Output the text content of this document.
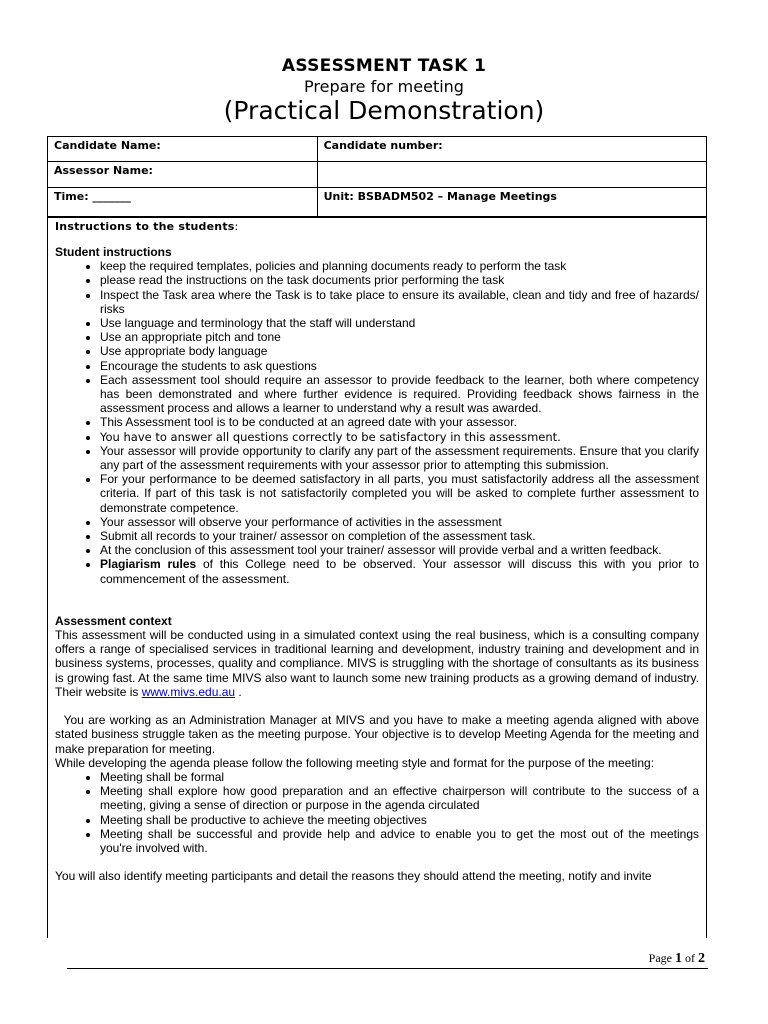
ASSESSMENT TASK 1
Prepare for meeting
(Practical Demonstration)
Candidate Name:	Candidate number:
Assessor Name:	
Time: _______	Unit: BSBADM502 – Manage Meetings
Instructions to the students:
Student instructions
• keep the required templates, policies and planning documents ready to perform the task
• please read the instructions on the task documents prior performing the task
• Inspect the Task area where the Task is to take place to ensure its available, clean and tidy and free of hazards/ risks
• Use language and terminology that the staff will understand
• Use an appropriate pitch and tone
• Use appropriate body language
• Encourage the students to ask questions
• Each assessment tool should require an assessor to provide feedback to the learner, both where competency has been demonstrated and where further evidence is required. Providing feedback shows fairness in the assessment process and allows a learner to understand why a result was awarded.
• This Assessment tool is to be conducted at an agreed date with your assessor.
• You have to answer all questions correctly to be satisfactory in this assessment.
• Your assessor will provide opportunity to clarify any part of the assessment requirements. Ensure that you clarify any part of the assessment requirements with your assessor prior to attempting this submission.
• For your performance to be deemed satisfactory in all parts, you must satisfactorily address all the assessment criteria. If part of this task is not satisfactorily completed you will be asked to complete further assessment to demonstrate competence.
• Your assessor will observe your performance of activities in the assessment
• Submit all records to your trainer/ assessor on completion of the assessment task.
• At the conclusion of this assessment tool your trainer/ assessor will provide verbal and a written feedback.
• Plagiarism rules of this College need to be observed. Your assessor will discuss this with you prior to commencement of the assessment.
Assessment context

This assessment will be conducted using in a simulated context using the real business, which is a consulting company offers a range of specialised services in traditional learning and development, industry training and development and in business systems, processes, quality and compliance. MIVS is struggling with the shortage of consultants as its business is growing fast. At the same time MIVS also want to launch some new training products as a growing demand of industry. Their website is www.mivs.edu.au .

You are working as an Administration Manager at MIVS and you have to make a meeting agenda aligned with above stated business struggle taken as the meeting purpose. Your objective is to develop Meeting Agenda for the meeting and make preparation for meeting.

While developing the agenda please follow the following meeting style and format for the purpose of the meeting:

• Meeting shall be formal
• Meeting shall explore how good preparation and an effective chairperson will contribute to the success of a meeting, giving a sense of direction or purpose in the agenda circulated
• Meeting shall be productive to achieve the meeting objectives
• Meeting shall be successful and provide help and advice to enable you to get the most out of the meetings you're involved with.

You will also identify meeting participants and detail the reasons they should attend the meeting, notify and invite

Page 1 of 2
